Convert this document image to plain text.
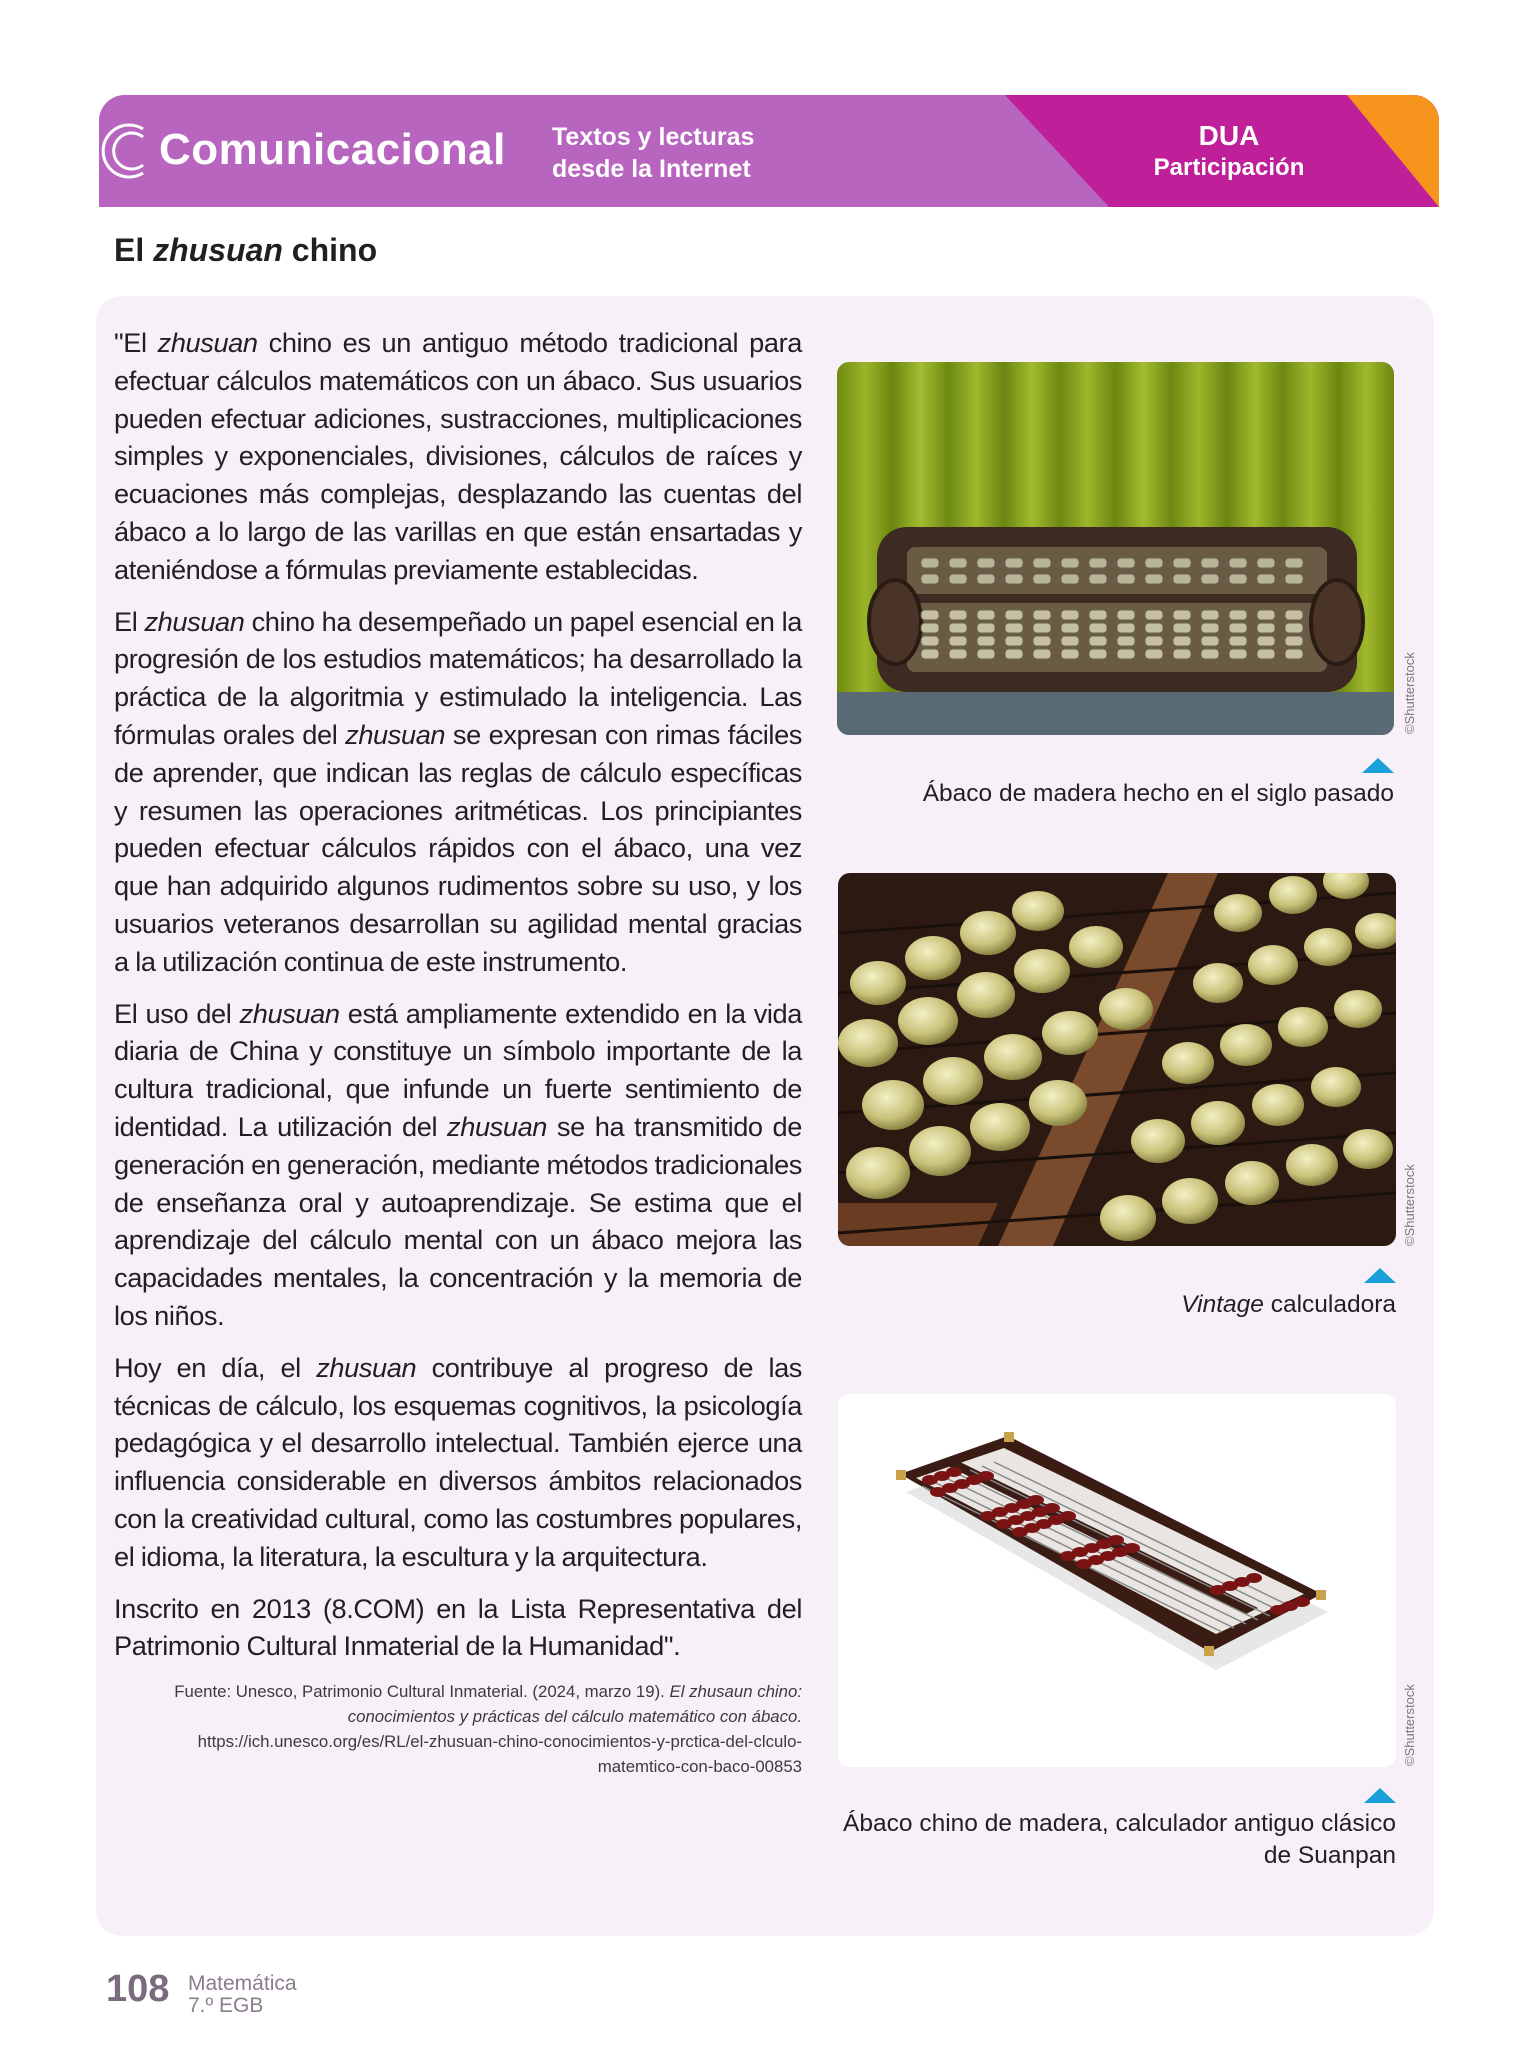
Comunicacional Textos y lecturas
desde la Internet
DUA
Participación
El zhusuan chino

"El zhusuan chino es un antiguo método tradicional para efectuar cálculos matemáticos con un ábaco. Sus usuarios pueden efectuar adiciones, sustracciones, multiplicaciones simples y exponenciales, divisiones, cálculos de raíces y ecuaciones más complejas, desplazando las cuentas del ábaco a lo largo de las varillas en que están ensartadas y ateniéndose a fórmulas previamente establecidas.

El zhusuan chino ha desempeñado un papel esencial en la progresión de los estudios matemáticos; ha desarrollado la práctica de la algoritmia y estimulado la inteligencia. Las fórmulas orales del zhusuan se expresan con rimas fáciles de aprender, que indican las reglas de cálculo específicas y resumen las operaciones aritméticas. Los principiantes pueden efectuar cálculos rápidos con el ábaco, una vez que han adquirido algunos rudimentos sobre su uso, y los usuarios veteranos desarrollan su agilidad mental gracias a la utilización continua de este instrumento.

El uso del zhusuan está ampliamente extendido en la vida diaria de China y constituye un símbolo importante de la cultura tradicional, que infunde un fuerte sentimiento de identidad. La utilización del zhusuan se ha transmitido de generación en generación, mediante métodos tradicionales de enseñanza oral y autoaprendizaje. Se estima que el aprendizaje del cálculo mental con un ábaco mejora las capacidades mentales, la concentración y la memoria de los niños.

Hoy en día, el zhusuan contribuye al progreso de las técnicas de cálculo, los esquemas cognitivos, la psicología pedagógica y el desarrollo intelectual. También ejerce una influencia considerable en diversos ámbitos relacionados con la creatividad cultural, como las costumbres populares, el idioma, la literatura, la escultura y la arquitectura.

Inscrito en 2013 (8.COM) en la Lista Representativa del Patrimonio Cultural Inmaterial de la Humanidad".

Fuente: Unesco, Patrimonio Cultural Inmaterial. (2024, marzo 19). El zhusaun chino: conocimientos y prácticas del cálculo matemático con ábaco. https://ich.unesco.org/es/RL/el-zhusuan-chino-conocimientos-y-prctica-del-clculo-matemtico-con-baco-00853

©Shutterstock
Ábaco de madera hecho en el siglo pasado
©Shutterstock
Vintage calculadora
©Shutterstock
Ábaco chino de madera, calculador antiguo clásico de Suanpan
108 Matemática
7.º EGB
